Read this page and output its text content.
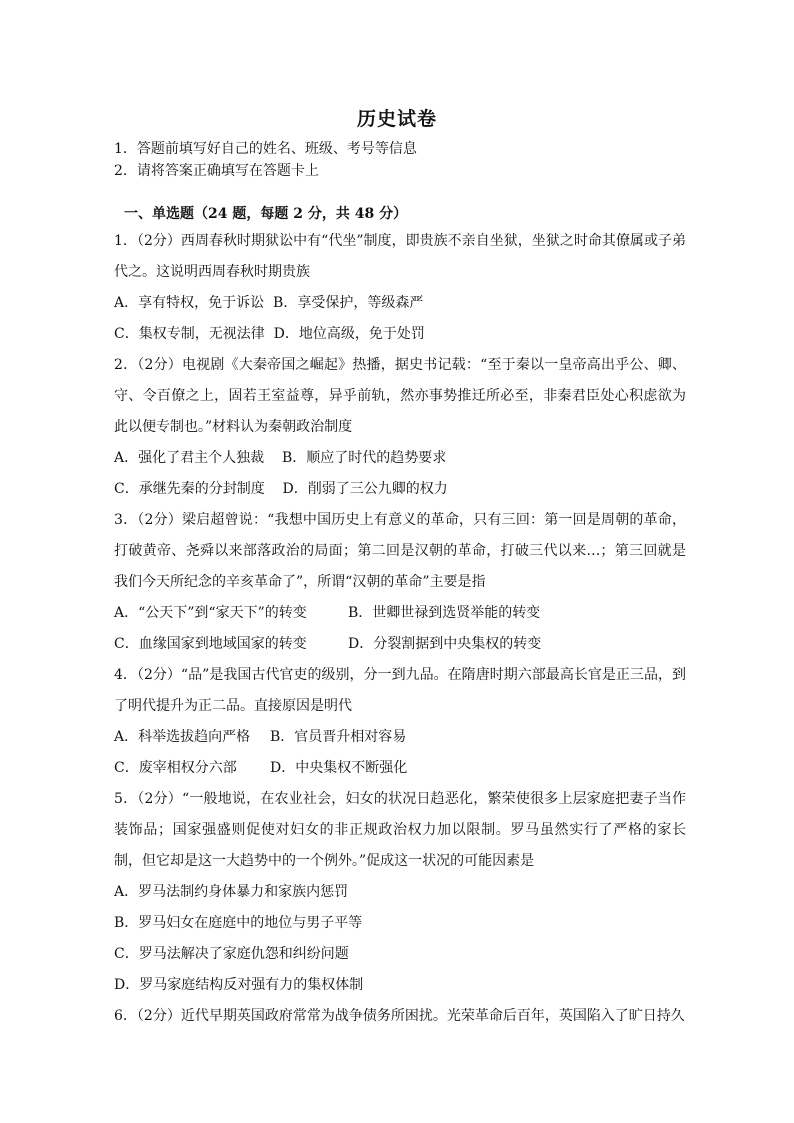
历史试卷
1．答题前填写好自己的姓名、班级、考号等信息
2．请将答案正确填写在答题卡上
一、单选题（24 题，每题 2 分，共 48 分）

1．（2分）西周春秋时期狱讼中有“代坐”制度，即贵族不亲自坐狱，坐狱之时命其僚属或子弟代之。这说明西周春秋时期贵族

A．享有特权，免于诉讼 B．享受保护，等级森严

C．集权专制，无视法律 D．地位高级，免于处罚

2．（2分）电视剧《大秦帝国之崛起》热播，据史书记载：“至于秦以一皇帝高出乎公、卿、守、令百僚之上，固若王室益尊，异乎前轨，然亦事势推迁所必至，非秦君臣处心积虑欲为此以便专制也。”材料认为秦朝政治制度

A．强化了君主个人独裁 B．顺应了时代的趋势要求

C．承继先秦的分封制度 D．削弱了三公九卿的权力

3．（2分）梁启超曾说：“我想中国历史上有意义的革命，只有三回：第一回是周朝的革命，打破黄帝、尧舜以来部落政治的局面；第二回是汉朝的革命，打破三代以来…；第三回就是我们今天所纪念的辛亥革命了”，所谓“汉朝的革命”主要是指

A．“公天下”到“家天下”的转变	B．世卿世禄到选贤举能的转变

C．血缘国家到地域国家的转变	D．分裂割据到中央集权的转变

4．（2分）“品”是我国古代官吏的级别，分一到九品。在隋唐时期六部最高长官是正三品，到了明代提升为正二品。直接原因是明代

A．科举选拔趋向严格 B．官员晋升相对容易

C．废宰相权分六部 D．中央集权不断强化

5．（2分）“一般地说，在农业社会，妇女的状况日趋恶化，繁荣使很多上层家庭把妻子当作装饰品；国家强盛则促使对妇女的非正规政治权力加以限制。罗马虽然实行了严格的家长制，但它却是这一大趋势中的一个例外。”促成这一状况的可能因素是

A．罗马法制约身体暴力和家族内惩罚

B．罗马妇女在庭庭中的地位与男子平等

C．罗马法解决了家庭仇怨和纠纷问题

D．罗马家庭结构反对强有力的集权体制

6．（2分）近代早期英国政府常常为战争债务所困扰。光荣革命后百年，英国陷入了旷日持久
